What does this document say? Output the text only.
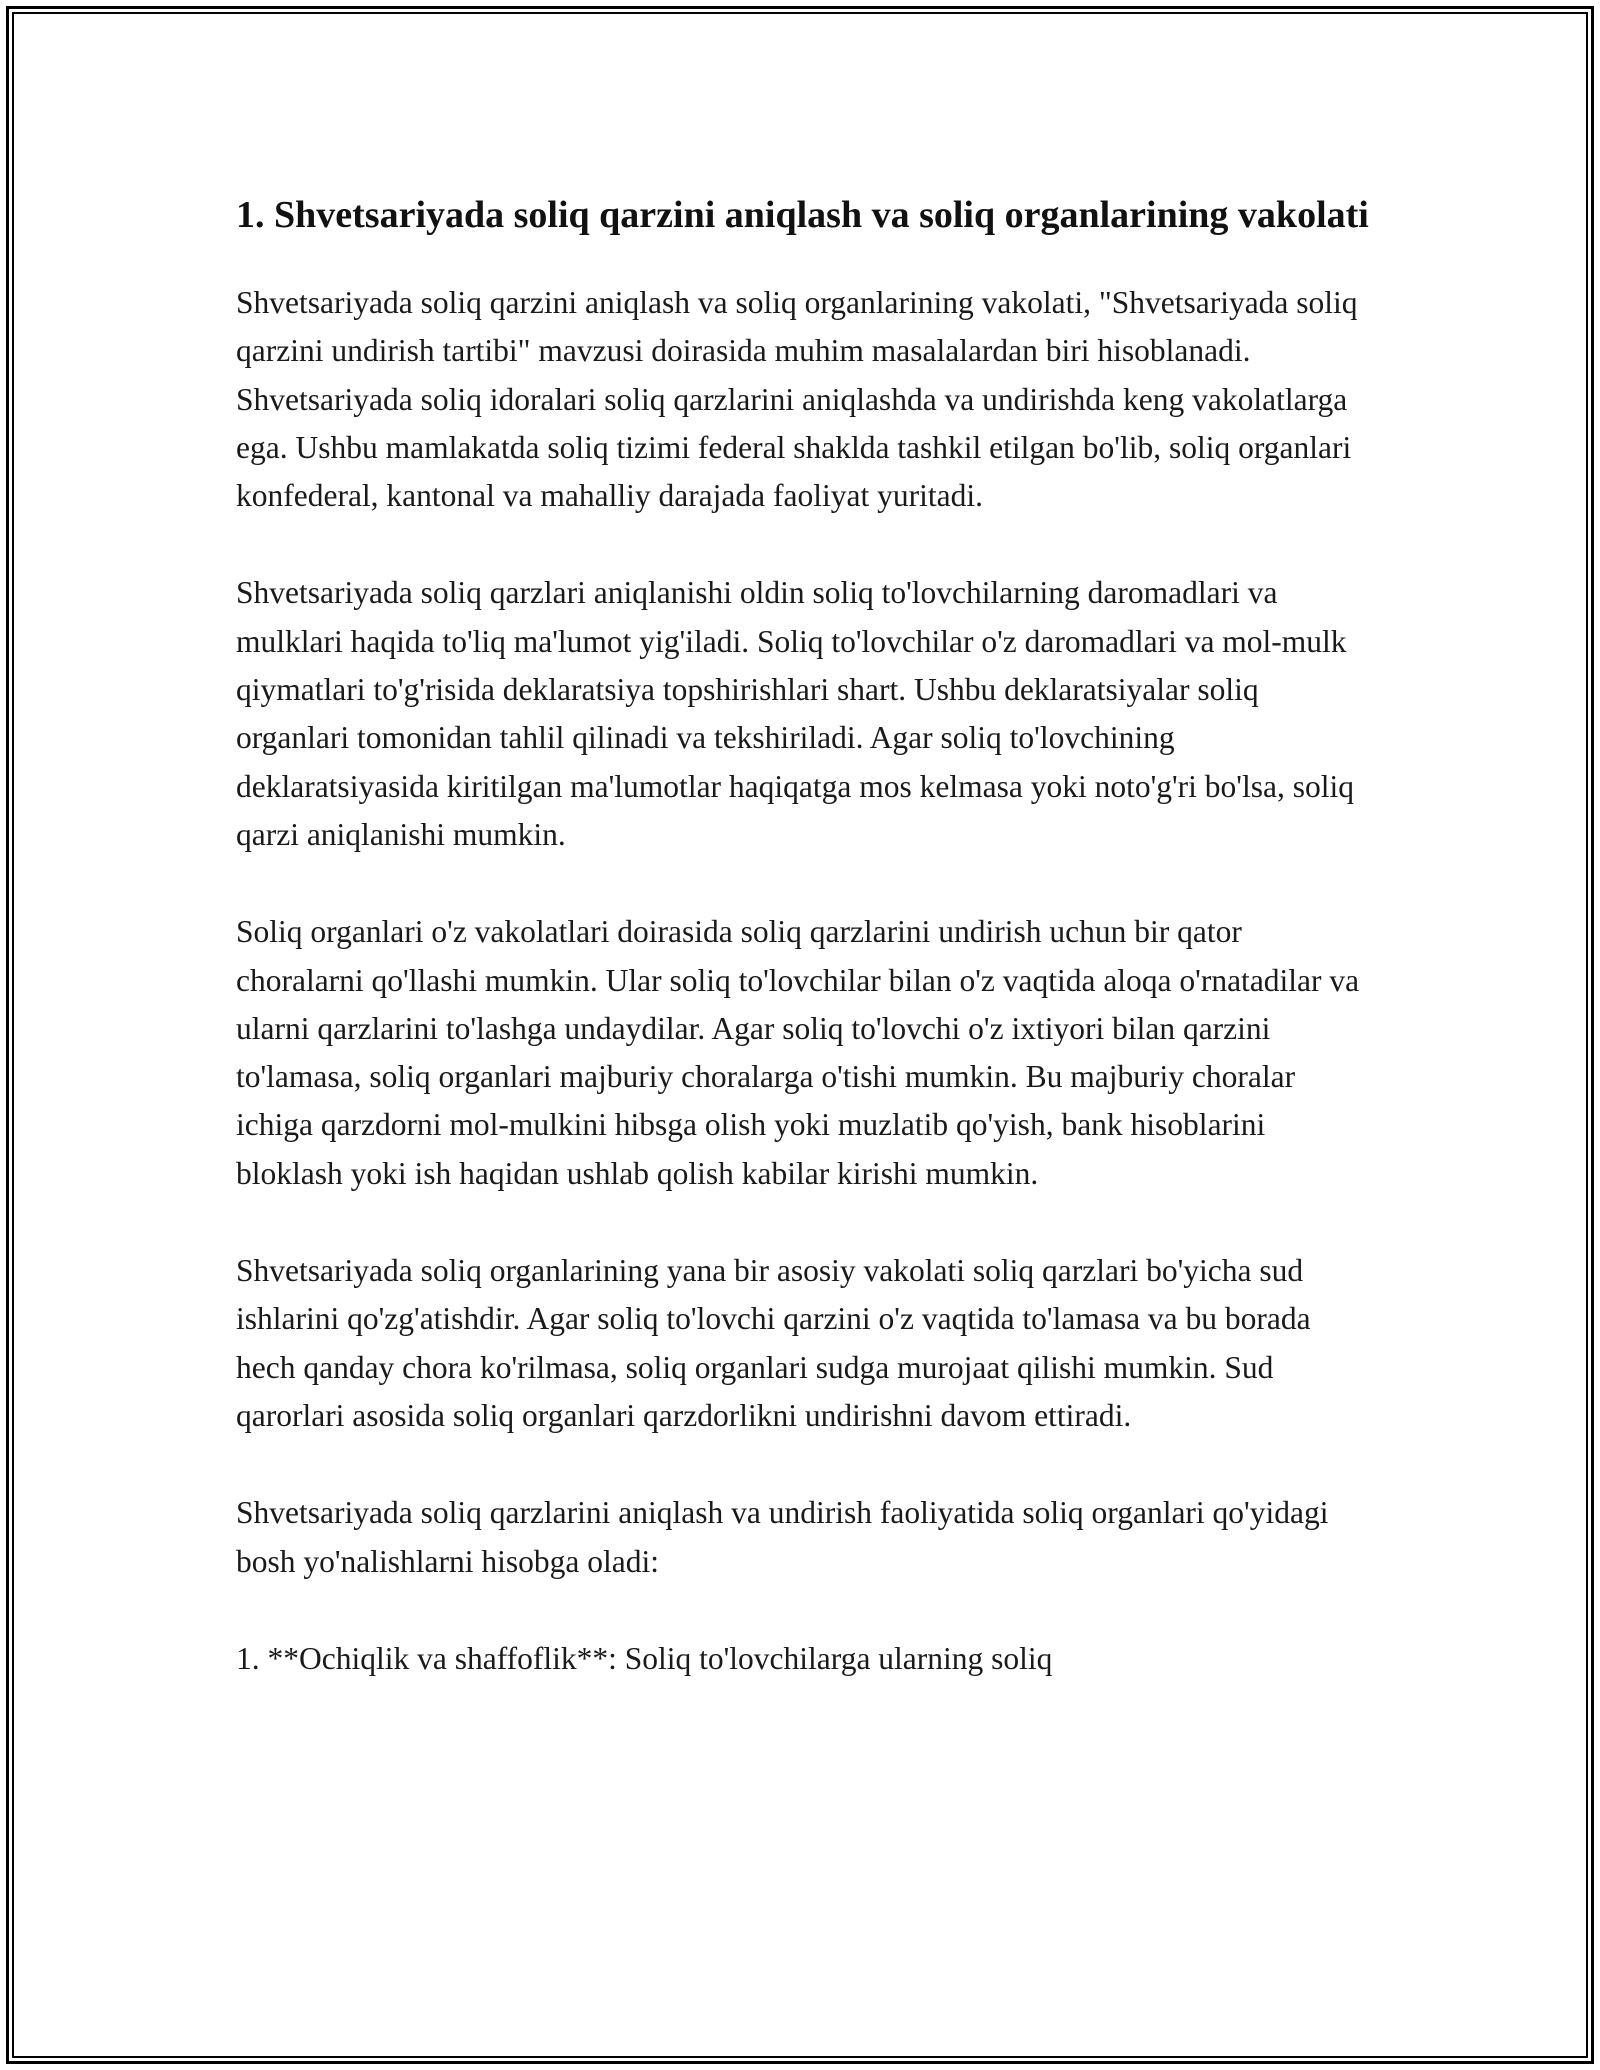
1. Shvetsariyada soliq qarzini aniqlash va soliq organlarining vakolati

Shvetsariyada soliq qarzini aniqlash va soliq organlarining vakolati, "Shvetsariyada soliq qarzini undirish tartibi" mavzusi doirasida muhim masalalardan biri hisoblanadi. Shvetsariyada soliq idoralari soliq qarzlarini aniqlashda va undirishda keng vakolatlarga ega. Ushbu mamlakatda soliq tizimi federal shaklda tashkil etilgan bo'lib, soliq organlari konfederal, kantonal va mahalliy darajada faoliyat yuritadi.

Shvetsariyada soliq qarzlari aniqlanishi oldin soliq to'lovchilarning daromadlari va mulklari haqida to'liq ma'lumot yig'iladi. Soliq to'lovchilar o'z daromadlari va mol-mulk qiymatlari to'g'risida deklaratsiya topshirishlari shart. Ushbu deklaratsiyalar soliq organlari tomonidan tahlil qilinadi va tekshiriladi. Agar soliq to'lovchining deklaratsiyasida kiritilgan ma'lumotlar haqiqatga mos kelmasa yoki noto'g'ri bo'lsa, soliq qarzi aniqlanishi mumkin.

Soliq organlari o'z vakolatlari doirasida soliq qarzlarini undirish uchun bir qator choralarni qo'llashi mumkin. Ular soliq to'lovchilar bilan o'z vaqtida aloqa o'rnatadilar va ularni qarzlarini to'lashga undaydilar. Agar soliq to'lovchi o'z ixtiyori bilan qarzini to'lamasa, soliq organlari majburiy choralarga o'tishi mumkin. Bu majburiy choralar ichiga qarzdorni mol-mulkini hibsga olish yoki muzlatib qo'yish, bank hisoblarini bloklash yoki ish haqidan ushlab qolish kabilar kirishi mumkin.

Shvetsariyada soliq organlarining yana bir asosiy vakolati soliq qarzlari bo'yicha sud ishlarini qo'zg'atishdir. Agar soliq to'lovchi qarzini o'z vaqtida to'lamasa va bu borada hech qanday chora ko'rilmasa, soliq organlari sudga murojaat qilishi mumkin. Sud qarorlari asosida soliq organlari qarzdorlikni undirishni davom ettiradi.

Shvetsariyada soliq qarzlarini aniqlash va undirish faoliyatida soliq organlari qo'yidagi bosh yo'nalishlarni hisobga oladi:

1. **Ochiqlik va shaffoflik**: Soliq to'lovchilarga ularning soliq
